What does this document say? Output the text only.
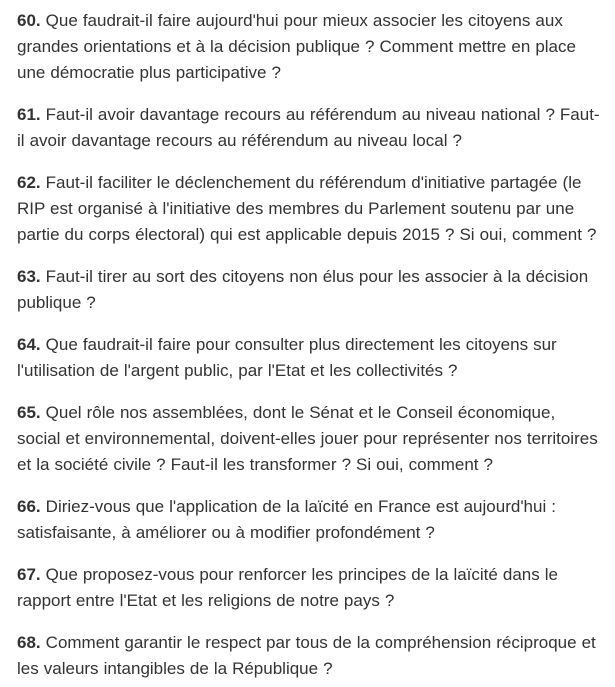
60. Que faudrait-il faire aujourd'hui pour mieux associer les citoyens aux grandes orientations et à la décision publique ? Comment mettre en place une démocratie plus participative ?

61. Faut-il avoir davantage recours au référendum au niveau national ? Faut-il avoir davantage recours au référendum au niveau local ?

62. Faut-il faciliter le déclenchement du référendum d'initiative partagée (le RIP est organisé à l'initiative des membres du Parlement soutenu par une partie du corps électoral) qui est applicable depuis 2015 ? Si oui, comment ?

63. Faut-il tirer au sort des citoyens non élus pour les associer à la décision publique ?

64. Que faudrait-il faire pour consulter plus directement les citoyens sur l'utilisation de l'argent public, par l'Etat et les collectivités ?

65. Quel rôle nos assemblées, dont le Sénat et le Conseil économique, social et environnemental, doivent-elles jouer pour représenter nos territoires et la société civile ? Faut-il les transformer ? Si oui, comment ?

66. Diriez-vous que l'application de la laïcité en France est aujourd'hui : satisfaisante, à améliorer ou à modifier profondément ?

67. Que proposez-vous pour renforcer les principes de la laïcité dans le rapport entre l'Etat et les religions de notre pays ?

68. Comment garantir le respect par tous de la compréhension réciproque et les valeurs intangibles de la République ?
